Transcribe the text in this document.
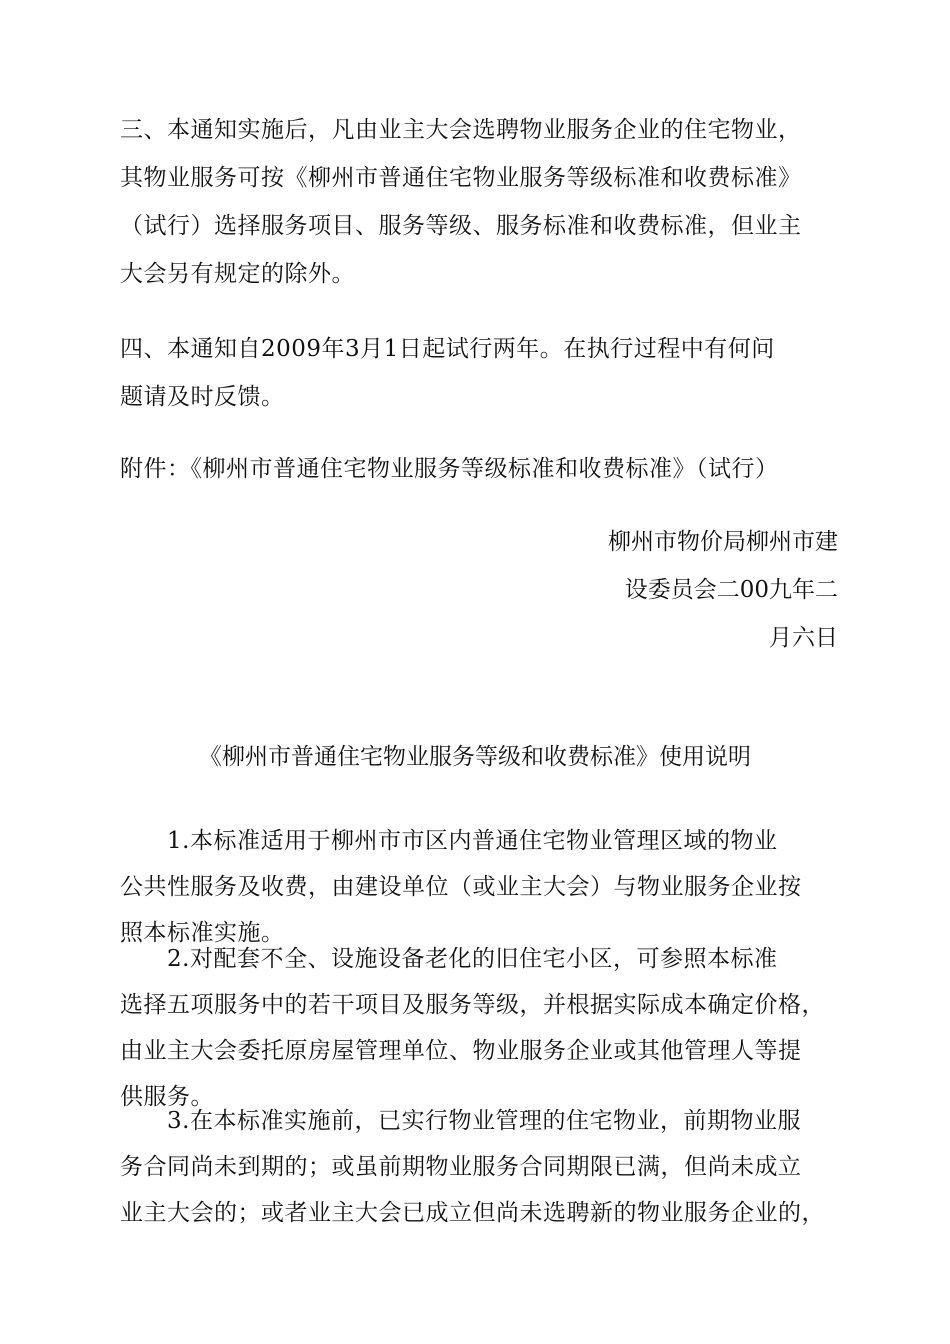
三、本通知实施后，凡由业主大会选聘物业服务企业的住宅物业，
其物业服务可按《柳州市普通住宅物业服务等级标准和收费标准》
（试行）选择服务项目、服务等级、服务标准和收费标准，但业主
大会另有规定的除外。
四、本通知自2009年3月1日起试行两年。在执行过程中有何问
题请及时反馈。
附件：《柳州市普通住宅物业服务等级标准和收费标准》（试行）
柳州市物价局柳州市建
设委员会二00九年二
月六日
《柳州市普通住宅物业服务等级和收费标准》使用说明
　　1.本标准适用于柳州市市区内普通住宅物业管理区域的物业
公共性服务及收费，由建设单位（或业主大会）与物业服务企业按
照本标准实施。
　　2.对配套不全、设施设备老化的旧住宅小区，可参照本标准
选择五项服务中的若干项目及服务等级，并根据实际成本确定价格，
由业主大会委托原房屋管理单位、物业服务企业或其他管理人等提
供服务。
　　3.在本标准实施前，已实行物业管理的住宅物业，前期物业服
务合同尚未到期的；或虽前期物业服务合同期限已满，但尚未成立
业主大会的；或者业主大会已成立但尚未选聘新的物业服务企业的，
